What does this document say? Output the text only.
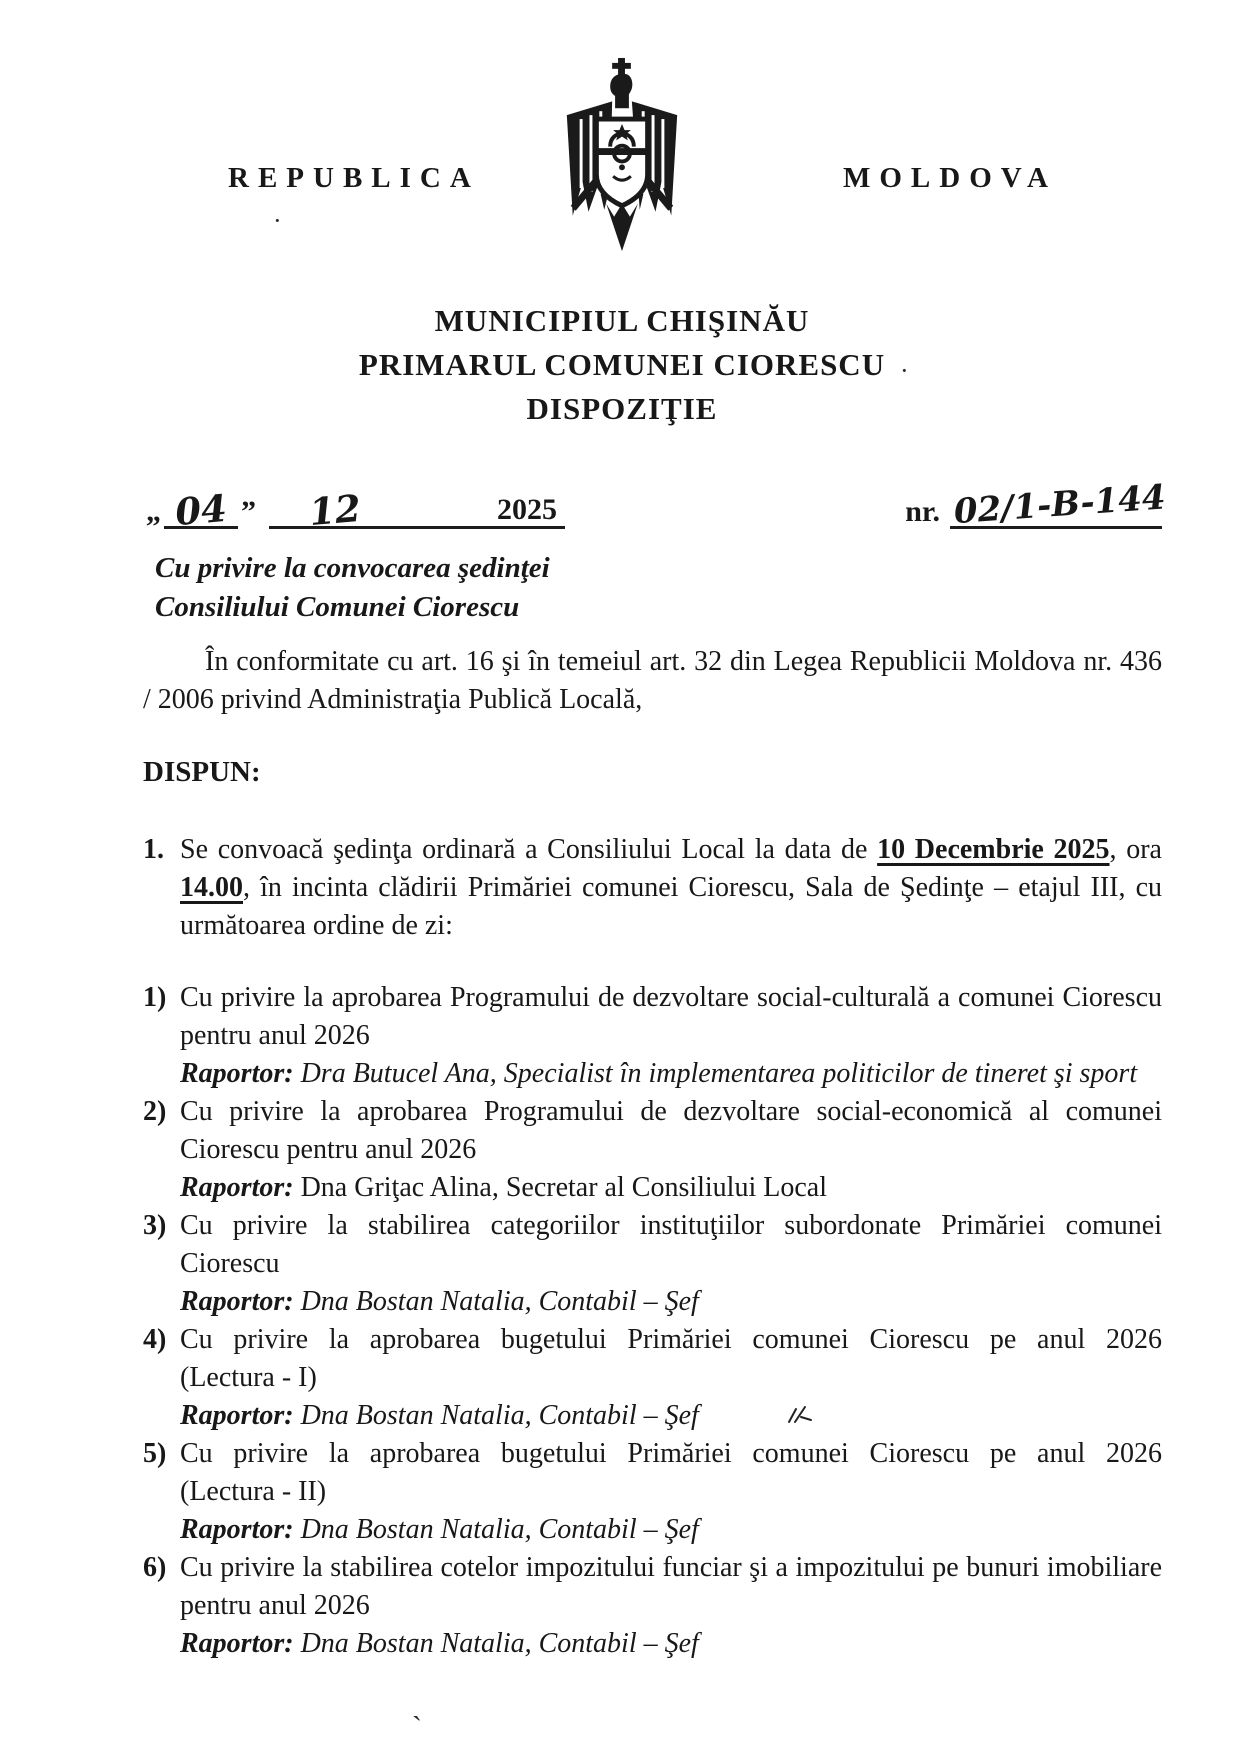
REPUBLICA	MOLDOVA
MUNICIPIUL CHIŞINĂU
PRIMARUL COMUNEI CIORESCU
DISPOZIŢIE
„ 04 ” 12	2025	nr. 02/1-B-144
Cu privire la convocarea şedinţei
Consiliului Comunei Ciorescu

În conformitate cu art. 16 şi în temeiul art. 32 din Legea Republicii Moldova nr. 436 / 2006 privind Administraţia Publică Locală,

DISPUN:
1. Se convoacă şedinţa ordinară a Consiliului Local la data de 10 Decembrie 2025, ora 14.00, în incinta clădirii Primăriei comunei Ciorescu, Sala de Şedinţe – etajul III, cu următoarea ordine de zi:
1) Cu privire la aprobarea Programului de dezvoltare social-culturală a comunei Ciorescu pentru anul 2026
Raportor: Dra Butucel Ana, Specialist în implementarea politicilor de tineret şi sport
2) Cu privire la aprobarea Programului de dezvoltare social-economică al comunei Ciorescu pentru anul 2026
Raportor: Dna Griţac Alina, Secretar al Consiliului Local
3) Cu privire la stabilirea categoriilor instituţiilor subordonate Primăriei comunei Ciorescu
Raportor: Dna Bostan Natalia, Contabil – Şef
4) Cu privire la aprobarea bugetului Primăriei comunei Ciorescu pe anul 2026
(Lectura - I)
Raportor: Dna Bostan Natalia, Contabil – Şef
5) Cu privire la aprobarea bugetului Primăriei comunei Ciorescu pe anul 2026
(Lectura - II)
Raportor: Dna Bostan Natalia, Contabil – Şef
6) Cu privire la stabilirea cotelor impozitului funciar şi a impozitului pe bunuri imobiliare pentru anul 2026
Raportor: Dna Bostan Natalia, Contabil – Şef
·
·
ˎ
